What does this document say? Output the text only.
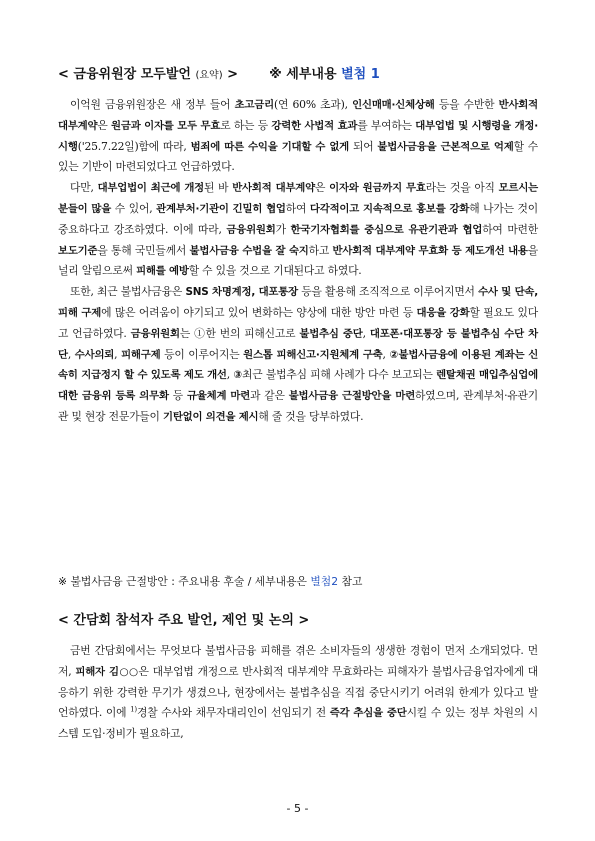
< 금융위원장 모두발언 (요약) > ※ 세부내용 별첨 1

이억원 금융위원장은 새 정부 들어 초고금리(연 60% 초과), 인신매매·신체상해 등을 수반한 반사회적 대부계약은 원금과 이자를 모두 무효로 하는 등 강력한 사법적 효과를 부여하는 대부업법 및 시행령을 개정·시행('25.7.22일)함에 따라, 범죄에 따른 수익을 기대할 수 없게 되어 불법사금융을 근본적으로 억제할 수 있는 기반이 마련되었다고 언급하였다.

다만, 대부업법이 최근에 개정된 바 반사회적 대부계약은 이자와 원금까지 무효라는 것을 아직 모르시는 분들이 많을 수 있어, 관계부처·기관이 긴밀히 협업하여 다각적이고 지속적으로 홍보를 강화해 나가는 것이 중요하다고 강조하였다. 이에 따라, 금융위원회가 한국기자협회를 중심으로 유관기관과 협업하여 마련한 보도기준을 통해 국민들께서 불법사금융 수법을 잘 숙지하고 반사회적 대부계약 무효화 등 제도개선 내용을 널리 알림으로써 피해를 예방할 수 있을 것으로 기대된다고 하였다.

또한, 최근 불법사금융은 SNS 차명계정, 대포통장 등을 활용해 조직적으로 이루어지면서 수사 및 단속, 피해 구제에 많은 어려움이 야기되고 있어 변화하는 양상에 대한 방안 마련 등 대응을 강화할 필요도 있다고 언급하였다. 금융위원회는 ①한 번의 피해신고로 불법추심 중단, 대포폰·대포통장 등 불법추심 수단 차단, 수사의뢰, 피해구제 등이 이루어지는 원스톱 피해신고·지원체계 구축, ②불법사금융에 이용된 계좌는 신속히 지급정지 할 수 있도록 제도 개선, ③최근 불법추심 피해 사례가 다수 보고되는 렌탈채권 매입추심업에 대한 금융위 등록 의무화 등 규율체계 마련과 같은 불법사금융 근절방안을 마련하였으며, 관계부처·유관기관 및 현장 전문가들이 기탄없이 의견을 제시해 줄 것을 당부하였다.

※ 불법사금융 근절방안 : 주요내용 후술 / 세부내용은 별첨2 참고
< 간담회 참석자 주요 발언, 제언 및 논의 >

금번 간담회에서는 무엇보다 불법사금융 피해를 겪은 소비자들의 생생한 경험이 먼저 소개되었다. 먼저, 피해자 김○○은 대부업법 개정으로 반사회적 대부계약 무효화라는 피해자가 불법사금융업자에게 대응하기 위한 강력한 무기가 생겼으나, 현장에서는 불법추심을 직접 중단시키기 어려워 한계가 있다고 발언하였다. 이에 $^{1)}$경찰 수사와 채무자대리인이 선임되기 전 즉각 추심을 중단시킬 수 있는 정부 차원의 시스템 도입·정비가 필요하고,

- 5 -
